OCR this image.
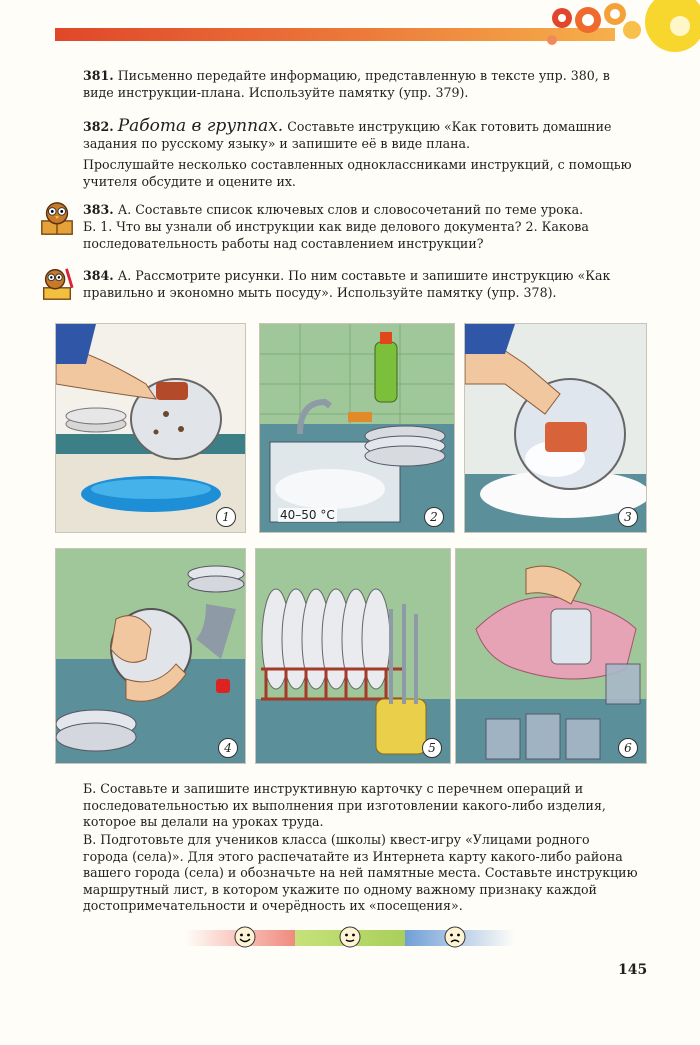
381. Письменно передайте информацию, представленную в тексте упр. 380, в виде инструкции-плана. Используйте памятку (упр. 379).

382. Работа в группах. Составьте инструкцию «Как готовить домашние задания по русскому языку» и запишите её в виде плана.

Прослушайте несколько составленных одноклассниками инструкций, с помощью учителя обсудите и оцените их.

383. А. Составьте список ключевых слов и словосочетаний по теме урока.

Б. 1. Что вы узнали об инструкции как виде делового документа? 2. Какова последовательность работы над составлением инструкции?

384. А. Рассмотрите рисунки. По ним составьте и запишите инструкцию «Как правильно и экономно мыть посуду». Используйте памятку (упр. 378).

1	40–50 °С	2	3
4	5	6

Б. Составьте и запишите инструктивную карточку с перечнем операций и последовательностью их выполнения при изготовлении какого-либо изделия, которое вы делали на уроках труда.

В. Подготовьте для учеников класса (школы) квест-игру «Улицами родного города (села)». Для этого распечатайте из Интернета карту какого-либо района вашего города (села) и обозначьте на ней памятные места. Составьте инструкцию маршрутный лист, в котором укажите по одному важному признаку каждой достопримечательности и очерёдность их «посещения».

145
